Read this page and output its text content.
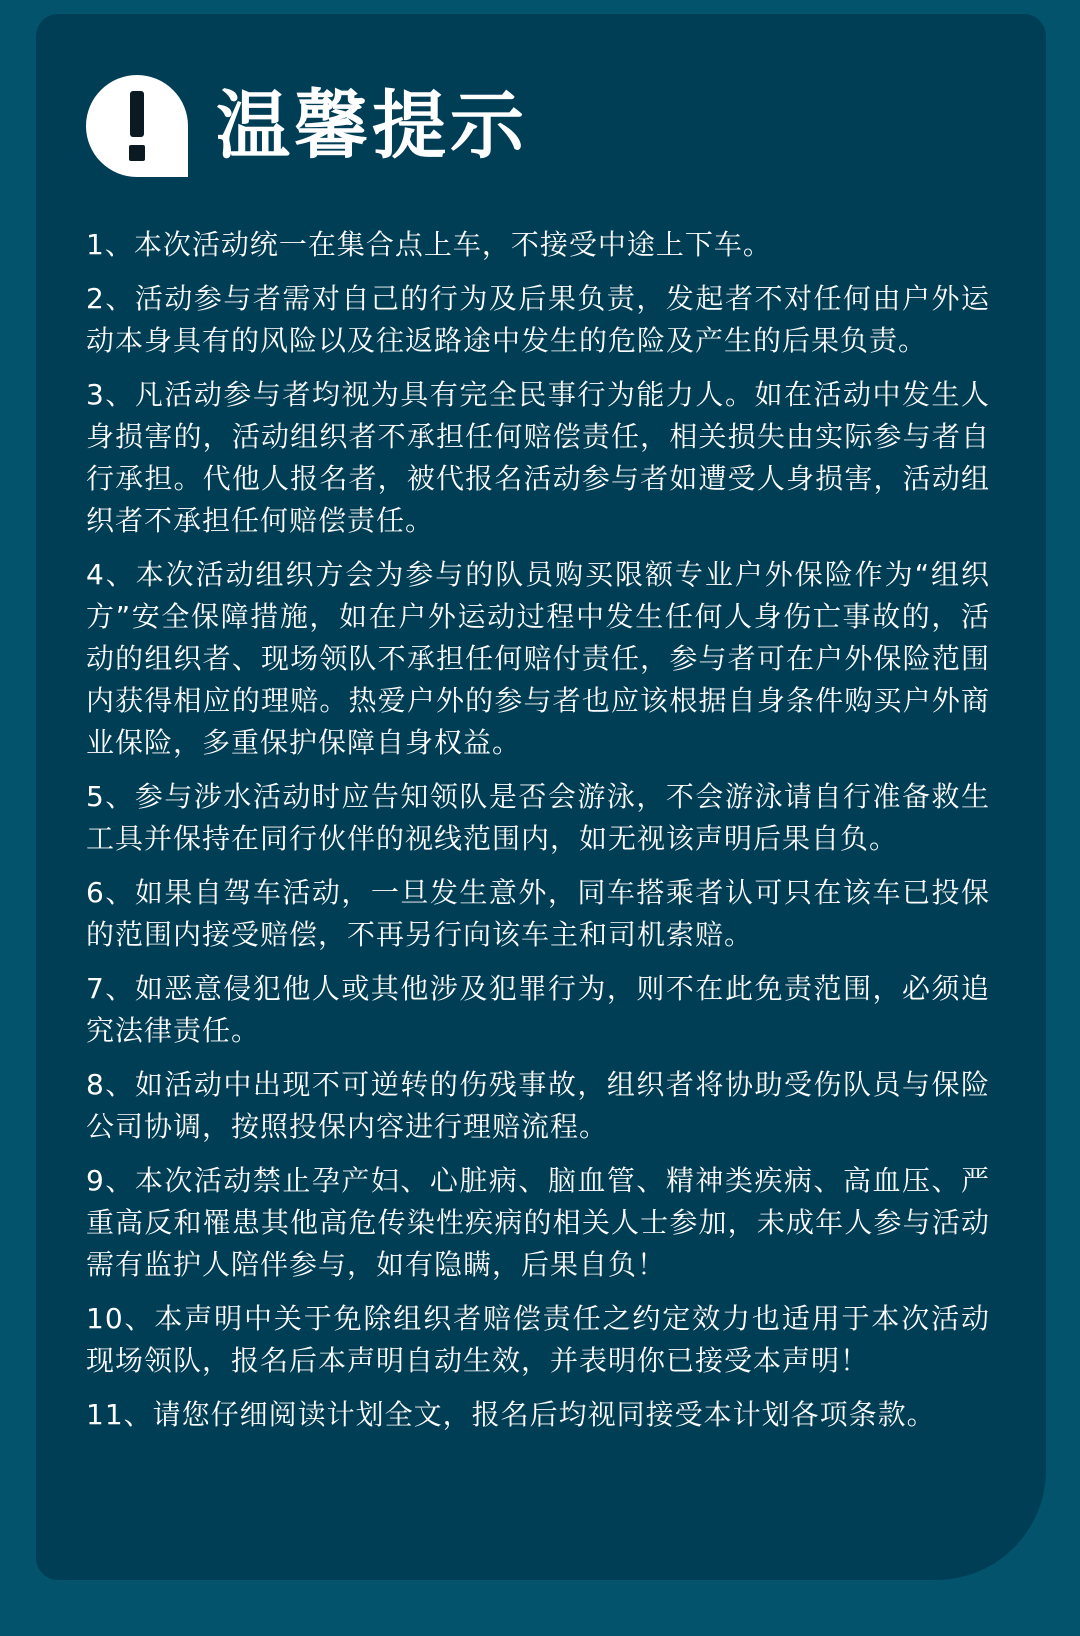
温馨提示
1、本次活动统一在集合点上车，不接受中途上下车。
2、活动参与者需对自己的行为及后果负责，发起者不对任何由户外运动本身具有的风险以及往返路途中发生的危险及产生的后果负责。
3、凡活动参与者均视为具有完全民事行为能力人。如在活动中发生人身损害的，活动组织者不承担任何赔偿责任，相关损失由实际参与者自行承担。代他人报名者，被代报名活动参与者如遭受人身损害，活动组织者不承担任何赔偿责任。
4、本次活动组织方会为参与的队员购买限额专业户外保险作为“组织方”安全保障措施，如在户外运动过程中发生任何人身伤亡事故的，活动的组织者、现场领队不承担任何赔付责任，参与者可在户外保险范围内获得相应的理赔。热爱户外的参与者也应该根据自身条件购买户外商业保险，多重保护保障自身权益。
5、参与涉水活动时应告知领队是否会游泳，不会游泳请自行准备救生工具并保持在同行伙伴的视线范围内，如无视该声明后果自负。
6、如果自驾车活动，一旦发生意外，同车搭乘者认可只在该车已投保的范围内接受赔偿，不再另行向该车主和司机索赔。
7、如恶意侵犯他人或其他涉及犯罪行为，则不在此免责范围，必须追究法律责任。
8、如活动中出现不可逆转的伤残事故，组织者将协助受伤队员与保险公司协调，按照投保内容进行理赔流程。
9、本次活动禁止孕产妇、心脏病、脑血管、精神类疾病、高血压、严重高反和罹患其他高危传染性疾病的相关人士参加，未成年人参与活动需有监护人陪伴参与，如有隐瞒，后果自负！
10、本声明中关于免除组织者赔偿责任之约定效力也适用于本次活动现场领队，报名后本声明自动生效，并表明你已接受本声明！
11、请您仔细阅读计划全文，报名后均视同接受本计划各项条款。
